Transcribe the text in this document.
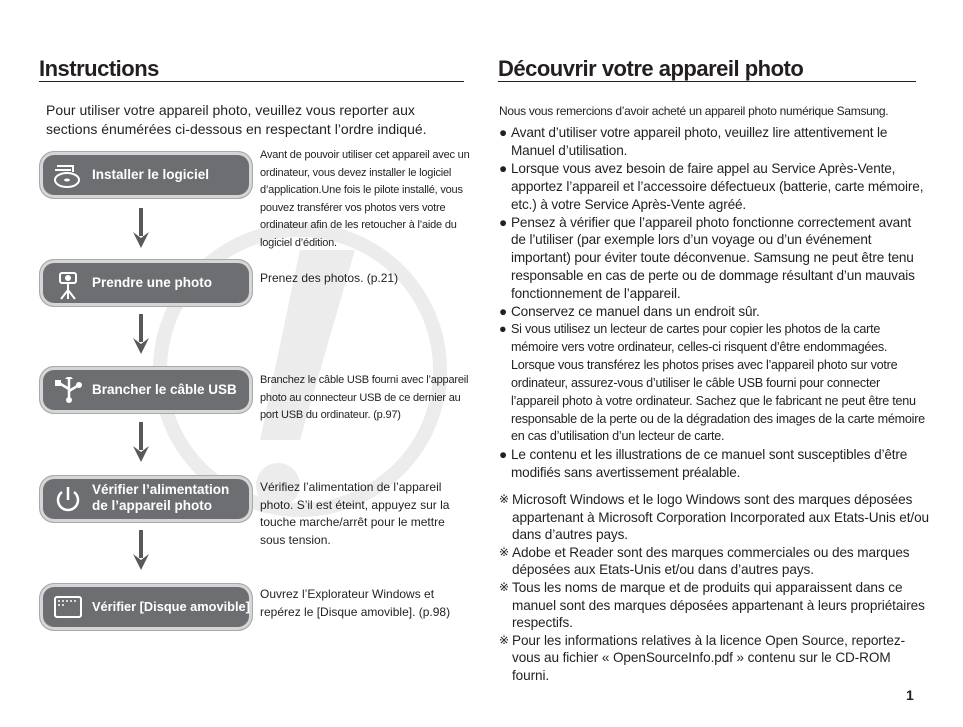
Instructions

Pour utiliser votre appareil photo, veuillez vous reporter aux sections énumérées ci-dessous en respectant l’ordre indiqué.

Installer le logiciel

Avant de pouvoir utiliser cet appareil avec un ordinateur, vous devez installer le logiciel d’application.Une fois le pilote installé, vous pouvez transférer vos photos vers votre ordinateur afin de les retoucher à l’aide du logiciel d’édition.

Prendre une photo	Prenez des photos. (p.21)

Brancher le câble USB

Branchez le câble USB fourni avec l’appareil photo au connecteur USB de ce dernier au port USB du ordinateur. (p.97)

Vérifier l’alimentation
de l’appareil photo

Vérifiez l’alimentation de l’appareil photo. S’il est éteint, appuyez sur la touche marche/arrêt pour le mettre sous tension.

Vérifier [Disque amovible]

Ouvrez l’Explorateur Windows et repérez le [Disque amovible]. (p.98)

Découvrir votre appareil photo

Nous vous remercions d’avoir acheté un appareil photo numérique Samsung.

● Avant d’utiliser votre appareil photo, veuillez lire attentivement le Manuel d’utilisation.
● Lorsque vous avez besoin de faire appel au Service Après-Vente, apportez l’appareil et l’accessoire défectueux (batterie, carte mémoire, etc.) à votre Service Après-Vente agréé.
● Pensez à vérifier que l’appareil photo fonctionne correctement avant de l’utiliser (par exemple lors d’un voyage ou d’un événement important) pour éviter toute déconvenue. Samsung ne peut être tenu responsable en cas de perte ou de dommage résultant d’un mauvais fonctionnement de l’appareil.
● Conservez ce manuel dans un endroit sûr.
● Si vous utilisez un lecteur de cartes pour copier les photos de la carte mémoire vers votre ordinateur, celles-ci risquent d’être endommagées. Lorsque vous transférez les photos prises avec l’appareil photo sur votre ordinateur, assurez-vous d’utiliser le câble USB fourni pour connecter l’appareil photo à votre ordinateur. Sachez que le fabricant ne peut être tenu responsable de la perte ou de la dégradation des images de la carte mémoire en cas d’utilisation d’un lecteur de carte.
● Le contenu et les illustrations de ce manuel sont susceptibles d’être modifiés sans avertissement préalable.
※ Microsoft Windows et le logo Windows sont des marques déposées appartenant à Microsoft Corporation Incorporated aux Etats-Unis et/ou dans d’autres pays.
※ Adobe et Reader sont des marques commerciales ou des marques déposées aux Etats-Unis et/ou dans d’autres pays.
※ Tous les noms de marque et de produits qui apparaissent dans ce manuel sont des marques déposées appartenant à leurs propriétaires respectifs.
※ Pour les informations relatives à la licence Open Source, reportez-vous au fichier « OpenSourceInfo.pdf » contenu sur le CD-ROM fourni.
1
